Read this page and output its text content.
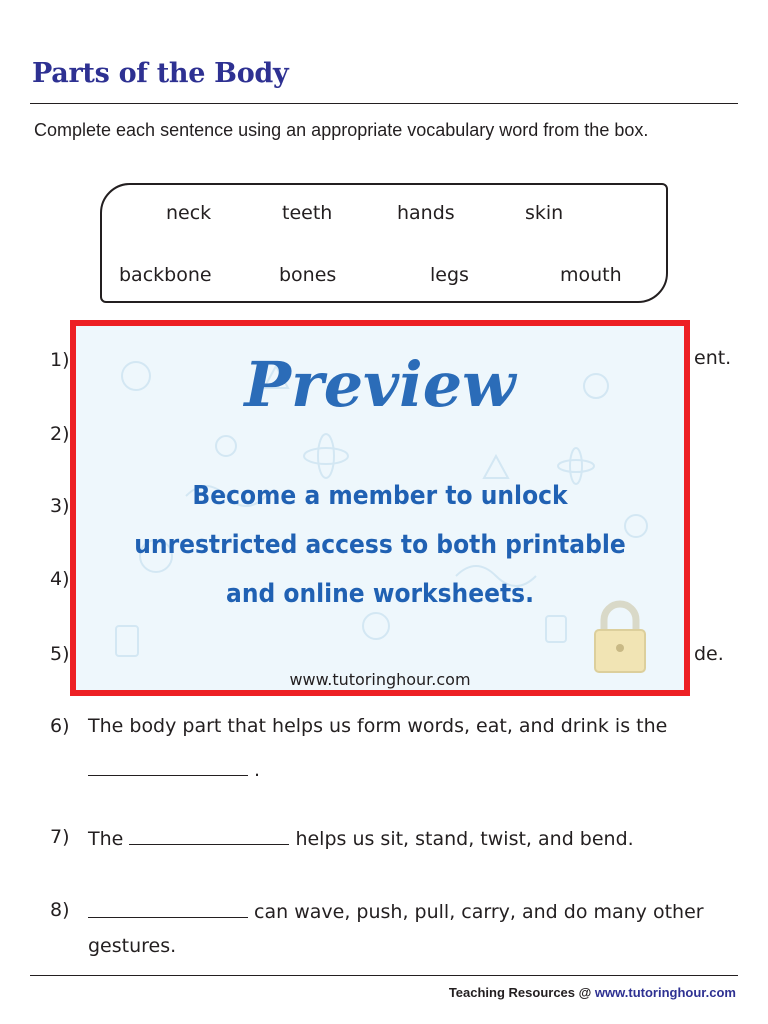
Parts of the Body
Complete each sentence using an appropriate vocabulary word from the box.
neck	teeth	hands	skin
backbone	bones	legs	mouth
1)
2)
3)
4)
5)
ent.
de.
6) The body part that helps us form words, eat, and drink is the
.
7) The	helps us sit, stand, twist, and bend.
8)	can wave, push, pull, carry, and do many other
gestures.
Preview
Become a member to unlock
unrestricted access to both printable
and online worksheets.
www.tutoringhour.com
Teaching Resources @ www.tutoringhour.com
